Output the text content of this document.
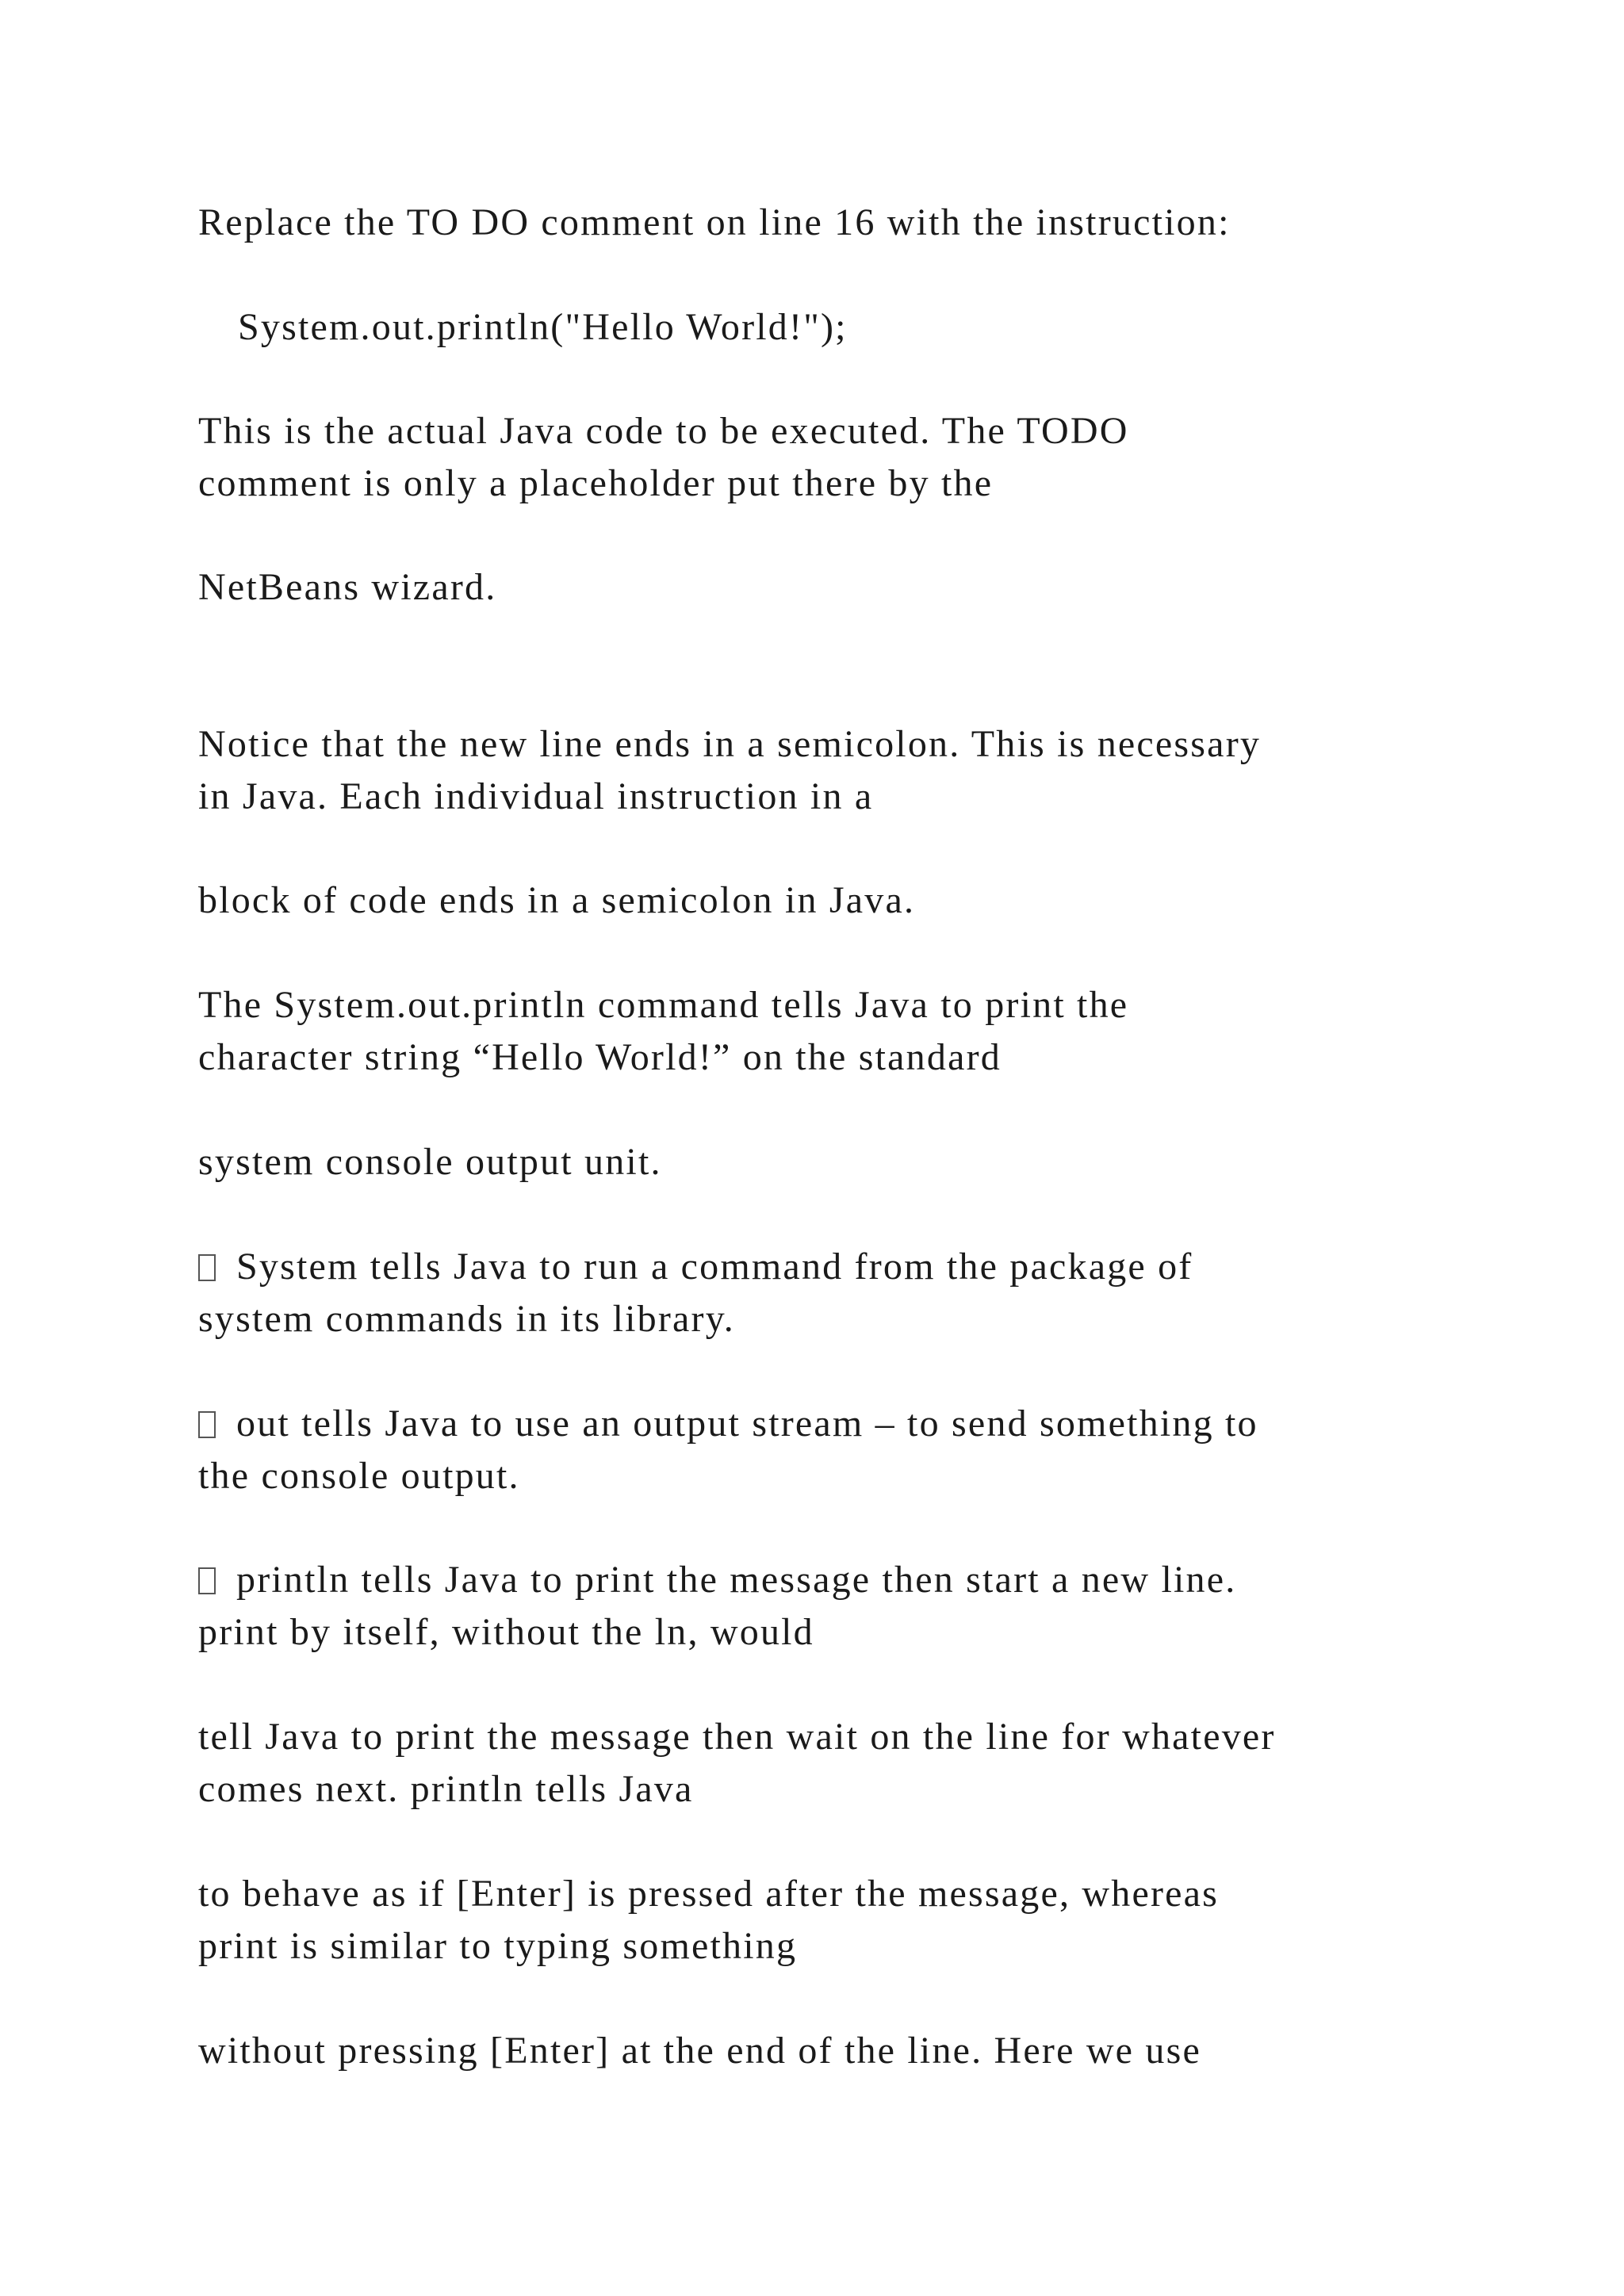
Replace the TO DO comment on line 16 with the instruction:

System.out.println("Hello World!");

This is the actual Java code to be executed. The TODO
comment is only a placeholder put there by the

NetBeans wizard.

Notice that the new line ends in a semicolon. This is necessary
in Java. Each individual instruction in a

block of code ends in a semicolon in Java.

The System.out.println command tells Java to print the
character string “Hello World!” on the standard

system console output unit.

System tells Java to run a command from the package of
system commands in its library.

out tells Java to use an output stream – to send something to
the console output.

println tells Java to print the message then start a new line.
print by itself, without the ln, would

tell Java to print the message then wait on the line for whatever
comes next. println tells Java

to behave as if [Enter] is pressed after the message, whereas
print is similar to typing something

without pressing [Enter] at the end of the line. Here we use
